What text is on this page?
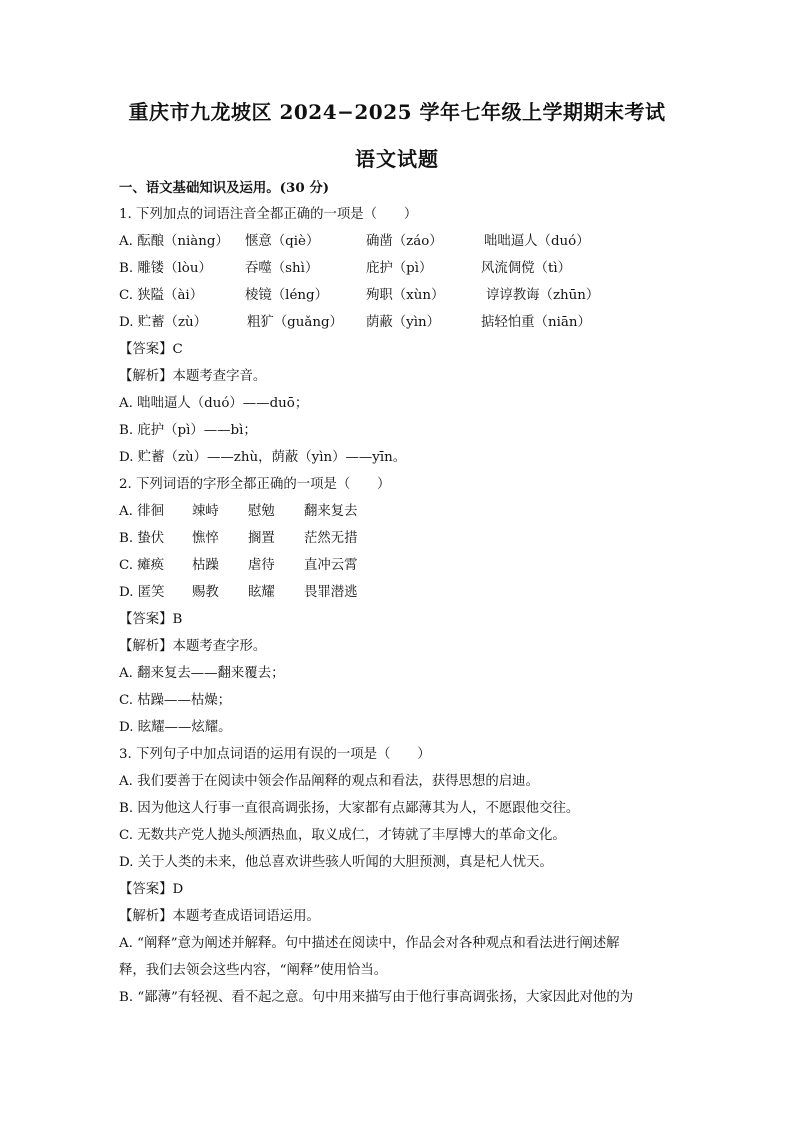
重庆市九龙坡区 2024−2025 学年七年级上学期期末考试
语文试题
一、语文基础知识及运用。(30 分)
1. 下列加点的词语注音全都正确的一项是（　　）
A. 酝酿（niàng） 惬意（qiè）	确凿（záo）	咄咄逼人（duó）
B. 雕镂（lòu） 吞噬（shì）	庇护（pì）	风流倜傥（tì）
C. 狭隘（ài）	棱镜（léng）	殉职（xùn）	谆谆教诲（zhūn）
D. 贮蓄（zù）	粗犷（guǎng） 荫蔽（yìn）	掂轻怕重（niān）
【答案】C
【解析】本题考查字音。
A. 咄咄逼人（duó）——duō；
B. 庇护（pì）——bì；
D. 贮蓄（zù）——zhù，荫蔽（yìn）——yīn。
2. 下列词语的字形全都正确的一项是（　　）
A. 徘徊 竦峙 慰勉 翻来复去
B. 蛰伏 憔悴 搁置 茫然无措
C. 瘫痪 枯躁 虐待 直冲云霄
D. 匿笑 赐教 眩耀 畏罪潜逃
【答案】B
【解析】本题考查字形。
A. 翻来复去——翻来覆去；
C. 枯躁——枯燥；
D. 眩耀——炫耀。
3. 下列句子中加点词语的运用有误的一项是（　　）
A. 我们要善于在阅读中领会作品阐释的观点和看法，获得思想的启迪。
B. 因为他这人行事一直很高调张扬，大家都有点鄙薄其为人，不愿跟他交往。
C. 无数共产党人抛头颅洒热血，取义成仁，才铸就了丰厚博大的革命文化。
D. 关于人类的未来，他总喜欢讲些骇人听闻的大胆预测，真是杞人忧天。
【答案】D
【解析】本题考查成语词语运用。
A. “阐释”意为阐述并解释。句中描述在阅读中，作品会对各种观点和看法进行阐述解
释，我们去领会这些内容，“阐释”使用恰当。
B. “鄙薄”有轻视、看不起之意。句中用来描写由于他行事高调张扬，大家因此对他的为
